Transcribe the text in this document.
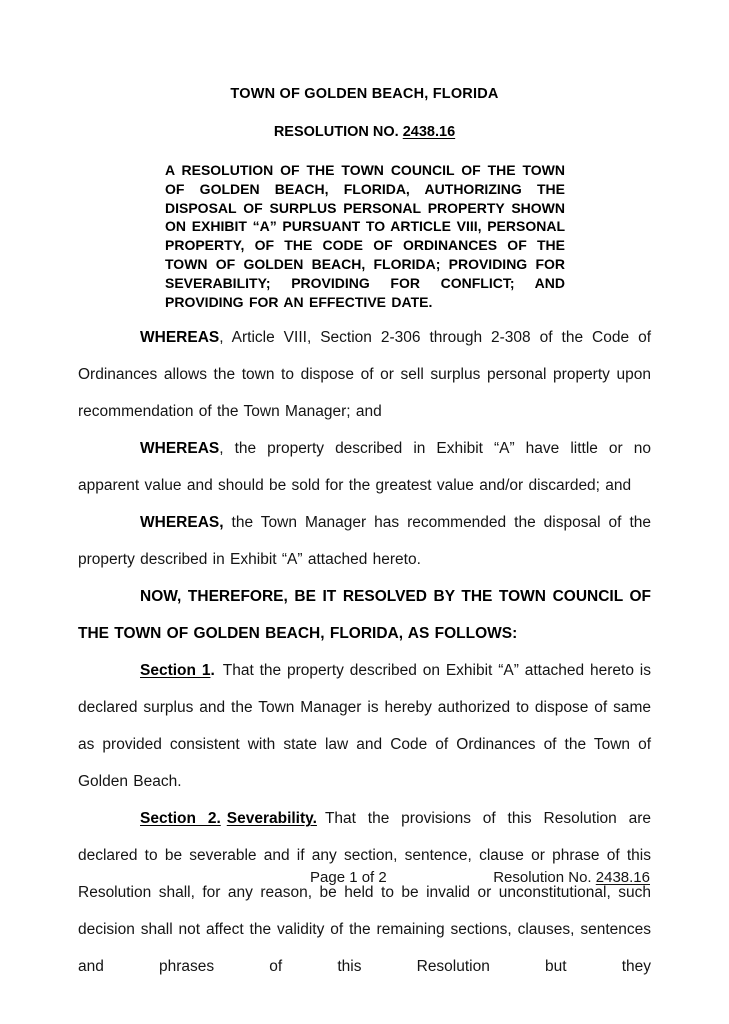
TOWN OF GOLDEN BEACH, FLORIDA
RESOLUTION NO. 2438.16

A RESOLUTION OF THE TOWN COUNCIL OF THE TOWN OF GOLDEN BEACH, FLORIDA, AUTHORIZING THE DISPOSAL OF SURPLUS PERSONAL PROPERTY SHOWN ON EXHIBIT “A” PURSUANT TO ARTICLE VIII, PERSONAL PROPERTY, OF THE CODE OF ORDINANCES OF THE TOWN OF GOLDEN BEACH, FLORIDA; PROVIDING FOR SEVERABILITY; PROVIDING FOR CONFLICT; AND PROVIDING FOR AN EFFECTIVE DATE.

WHEREAS, Article VIII, Section 2-306 through 2-308 of the Code of Ordinances allows the town to dispose of or sell surplus personal property upon recommendation of the Town Manager; and

WHEREAS, the property described in Exhibit “A” have little or no apparent value and should be sold for the greatest value and/or discarded; and

WHEREAS, the Town Manager has recommended the disposal of the property described in Exhibit “A” attached hereto.

NOW, THEREFORE, BE IT RESOLVED BY THE TOWN COUNCIL OF THE TOWN OF GOLDEN BEACH, FLORIDA, AS FOLLOWS:

Section 1. That the property described on Exhibit “A” attached hereto is declared surplus and the Town Manager is hereby authorized to dispose of same as provided consistent with state law and Code of Ordinances of the Town of Golden Beach.

Section 2. Severability. That the provisions of this Resolution are declared to be severable and if any section, sentence, clause or phrase of this Resolution shall, for any reason, be held to be invalid or unconstitutional, such decision shall not affect the validity of the remaining sections, clauses, sentences and phrases of this Resolution but they

Page 1 of 2	Resolution No. 2438.16
